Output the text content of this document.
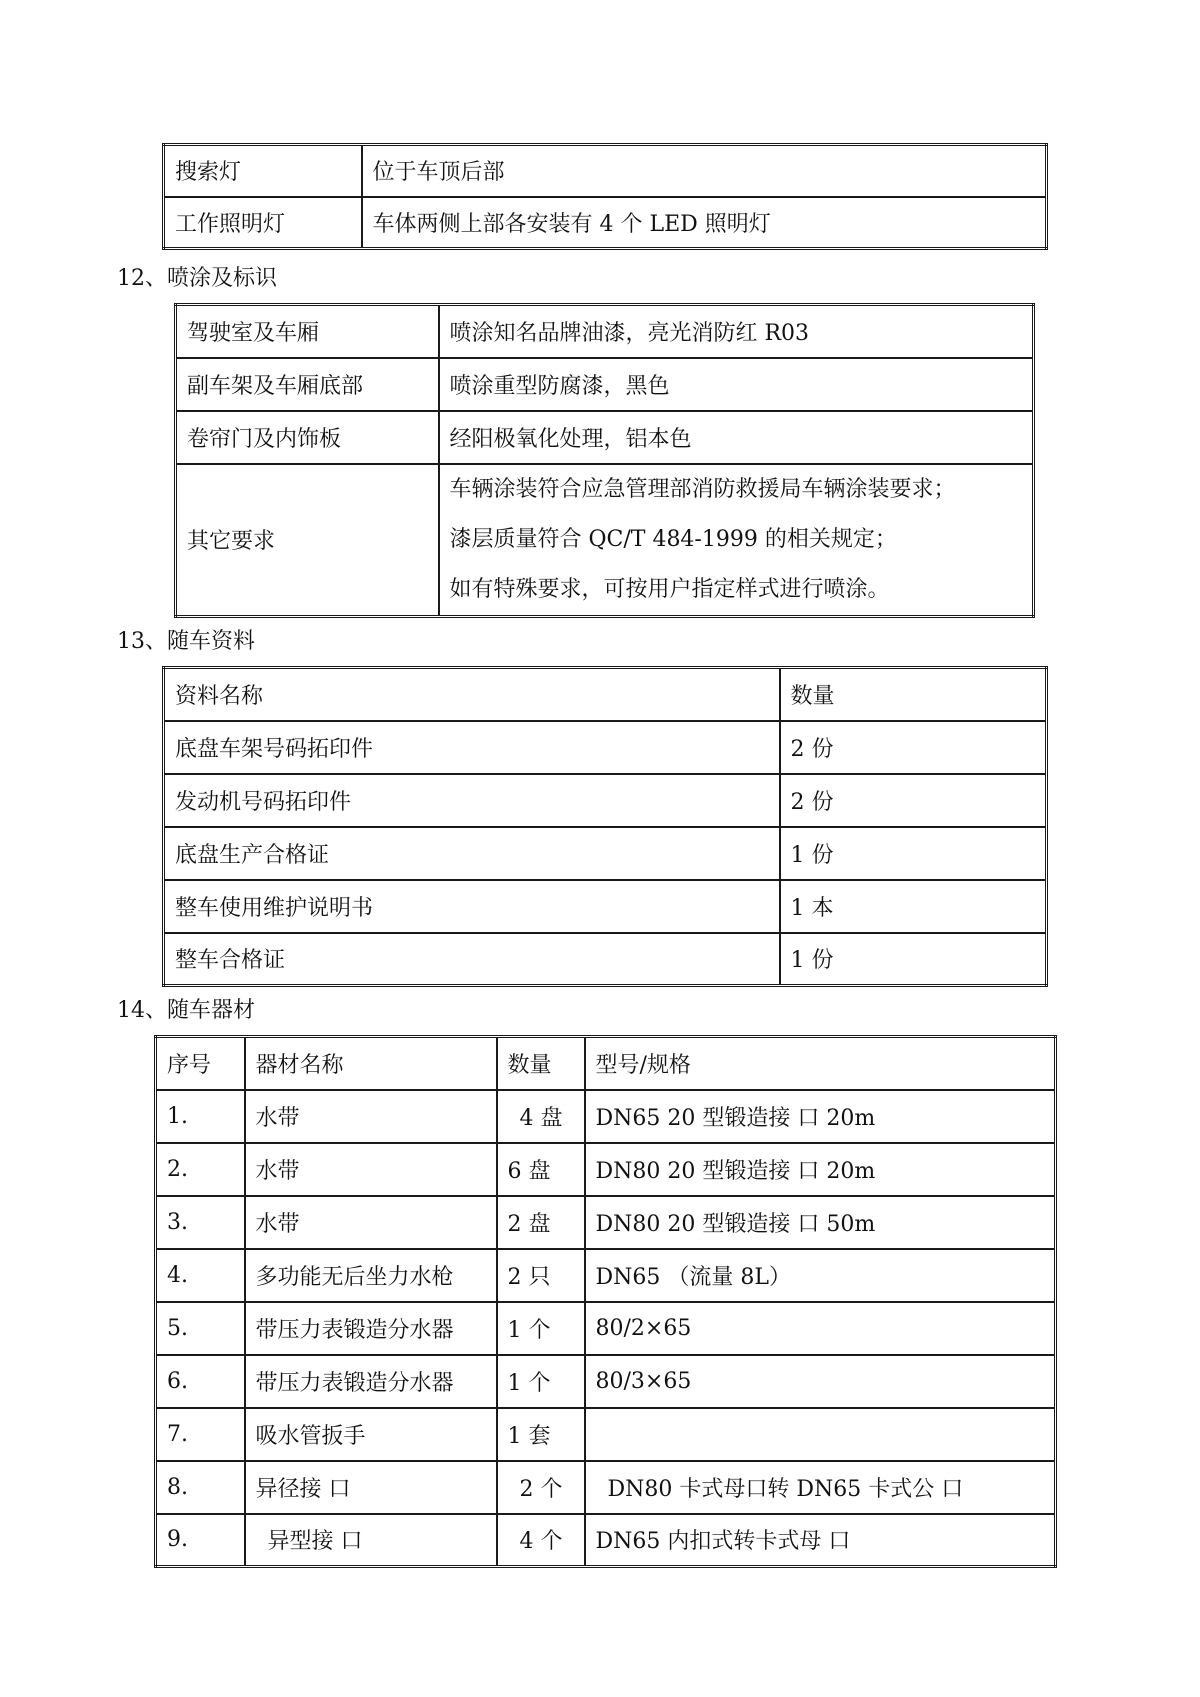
搜索灯	位于车顶后部
工作照明灯	车体两侧上部各安装有 4 个 LED 照明灯
12、喷涂及标识
驾驶室及车厢	喷涂知名品牌油漆，亮光消防红 R03
副车架及车厢底部	喷涂重型防腐漆，黑色
卷帘门及内饰板	经阳极氧化处理，铝本色
其它要求	车辆涂装符合应急管理部消防救援局车辆涂装要求；
漆层质量符合 QC/T 484-1999 的相关规定；
如有特殊要求，可按用户指定样式进行喷涂。
13、随车资料
资料名称	数量
底盘车架号码拓印件	2 份
发动机号码拓印件	2 份
底盘生产合格证	1 份
整车使用维护说明书	1 本
整车合格证	1 份
14、随车器材
序号	器材名称	数量	型号/规格
1.	水带	4 盘	DN65 20 型锻造接 口 20m
2.	水带	6 盘	DN80 20 型锻造接 口 20m
3.	水带	2 盘	DN80 20 型锻造接 口 50m
4.	多功能无后坐力水枪	2 只	DN65 （流量 8L）
5.	带压力表锻造分水器	1 个	80/2×65
6.	带压力表锻造分水器	1 个	80/3×65
7.	吸水管扳手	1 套	
8.	异径接 口	2 个	DN80 卡式母口转 DN65 卡式公 口
9.	异型接 口	4 个	DN65 内扣式转卡式母 口
